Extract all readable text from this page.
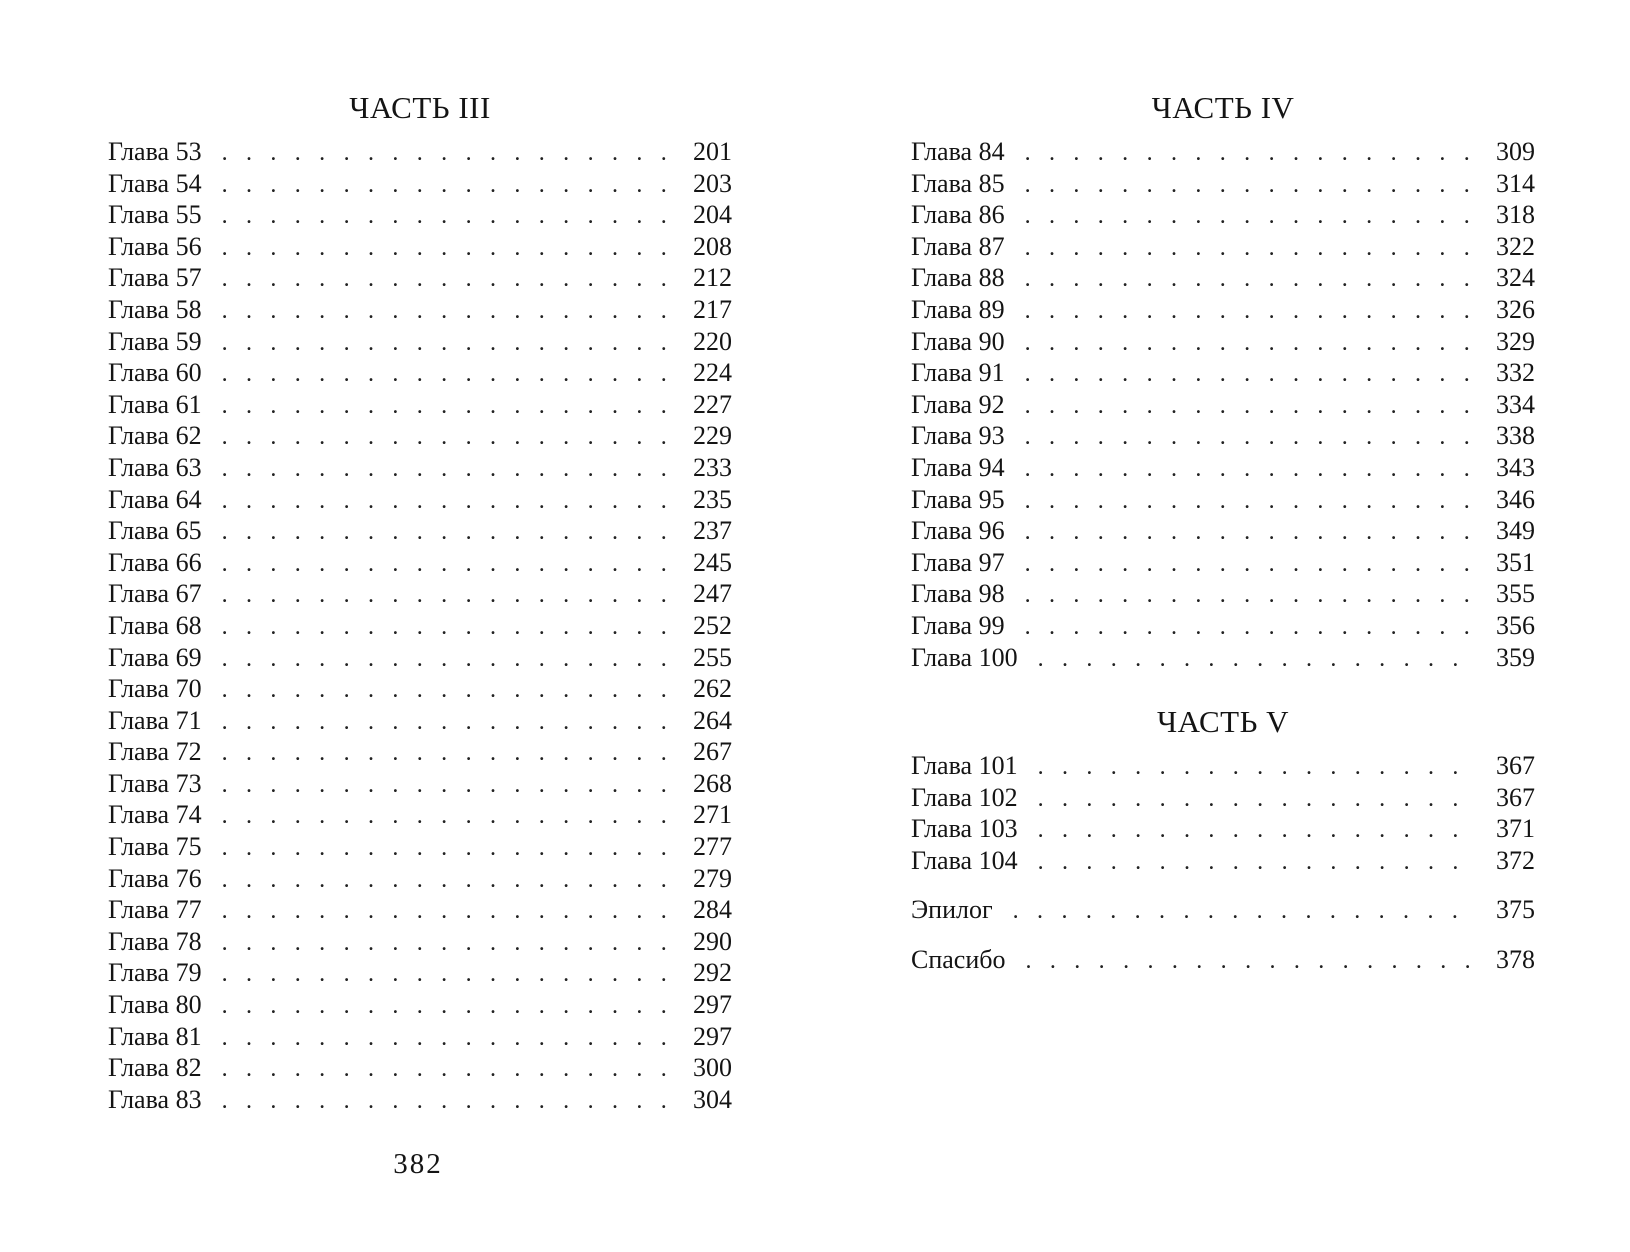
ЧАСТЬ III
Глава 53 . . .	201
Глава 54 . . .	203
Глава 55 . . .	204
Глава 56 . . .	208
Глава 57 . . .	212
Глава 58 . . .	217
Глава 59 . . .	220
Глава 60 . . .	224
Глава 61 . . .	227
Глава 62 . . .	229
Глава 63 . . .	233
Глава 64 . . .	235
Глава 65 . . .	237
Глава 66 . . .	245
Глава 67 . . .	247
Глава 68 . . .	252
Глава 69 . . .	255
Глава 70 . . .	262
Глава 71 . . .	264
Глава 72 . . .	267
Глава 73 . . .	268
Глава 74 . . .	271
Глава 75 . . .	277
Глава 76 . . .	279
Глава 77 . . .	284
Глава 78 . . .	290
Глава 79 . . .	292
Глава 80 . . .	297
Глава 81 . . .	297
Глава 82 . . .	300
Глава 83 . . .	304
382
ЧАСТЬ IV
Глава 84 . . .	309
Глава 85 . . .	314
Глава 86 . . .	318
Глава 87 . . .	322
Глава 88 . . .	324
Глава 89 . . .	326
Глава 90 . . .	329
Глава 91 . . .	332
Глава 92 . . .	334
Глава 93 . . .	338
Глава 94 . . .	343
Глава 95 . . .	346
Глава 96 . . .	349
Глава 97 . . .	351
Глава 98 . . .	355
Глава 99 . . .	356
Глава 100 . . .	359
ЧАСТЬ V
Глава 101 . . .	367
Глава 102 . . .	367
Глава 103 . . .	371
Глава 104 . . .	372
Эпилог . . .	375
Спасибо . . .	378
